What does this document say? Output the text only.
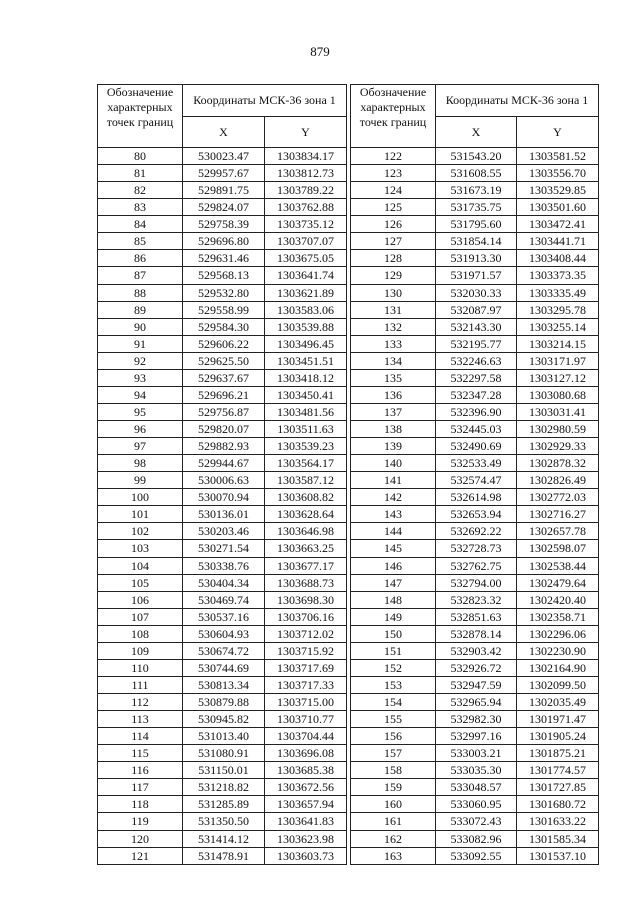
879
Обозначение характерных точек границ	Координаты МСК-36 зона 1	
	X	Y
80	530023.47	1303834.17
81	529957.67	1303812.73
82	529891.75	1303789.22
83	529824.07	1303762.88
84	529758.39	1303735.12
85	529696.80	1303707.07
86	529631.46	1303675.05
87	529568.13	1303641.74
88	529532.80	1303621.89
89	529558.99	1303583.06
90	529584.30	1303539.88
91	529606.22	1303496.45
92	529625.50	1303451.51
93	529637.67	1303418.12
94	529696.21	1303450.41
95	529756.87	1303481.56
96	529820.07	1303511.63
97	529882.93	1303539.23
98	529944.67	1303564.17
99	530006.63	1303587.12
100	530070.94	1303608.82
101	530136.01	1303628.64
102	530203.46	1303646.98
103	530271.54	1303663.25
104	530338.76	1303677.17
105	530404.34	1303688.73
106	530469.74	1303698.30
107	530537.16	1303706.16
108	530604.93	1303712.02
109	530674.72	1303715.92
110	530744.69	1303717.69
111	530813.34	1303717.33
112	530879.88	1303715.00
113	530945.82	1303710.77
114	531013.40	1303704.44
115	531080.91	1303696.08
116	531150.01	1303685.38
117	531218.82	1303672.56
118	531285.89	1303657.94
119	531350.50	1303641.83
120	531414.12	1303623.98
121	531478.91	1303603.73
Обозначение характерных точек границ	Координаты МСК-36 зона 1	
	X	Y
122	531543.20	1303581.52
123	531608.55	1303556.70
124	531673.19	1303529.85
125	531735.75	1303501.60
126	531795.60	1303472.41
127	531854.14	1303441.71
128	531913.30	1303408.44
129	531971.57	1303373.35
130	532030.33	1303335.49
131	532087.97	1303295.78
132	532143.30	1303255.14
133	532195.77	1303214.15
134	532246.63	1303171.97
135	532297.58	1303127.12
136	532347.28	1303080.68
137	532396.90	1303031.41
138	532445.03	1302980.59
139	532490.69	1302929.33
140	532533.49	1302878.32
141	532574.47	1302826.49
142	532614.98	1302772.03
143	532653.94	1302716.27
144	532692.22	1302657.78
145	532728.73	1302598.07
146	532762.75	1302538.44
147	532794.00	1302479.64
148	532823.32	1302420.40
149	532851.63	1302358.71
150	532878.14	1302296.06
151	532903.42	1302230.90
152	532926.72	1302164.90
153	532947.59	1302099.50
154	532965.94	1302035.49
155	532982.30	1301971.47
156	532997.16	1301905.24
157	533003.21	1301875.21
158	533035.30	1301774.57
159	533048.57	1301727.85
160	533060.95	1301680.72
161	533072.43	1301633.22
162	533082.96	1301585.34
163	533092.55	1301537.10
